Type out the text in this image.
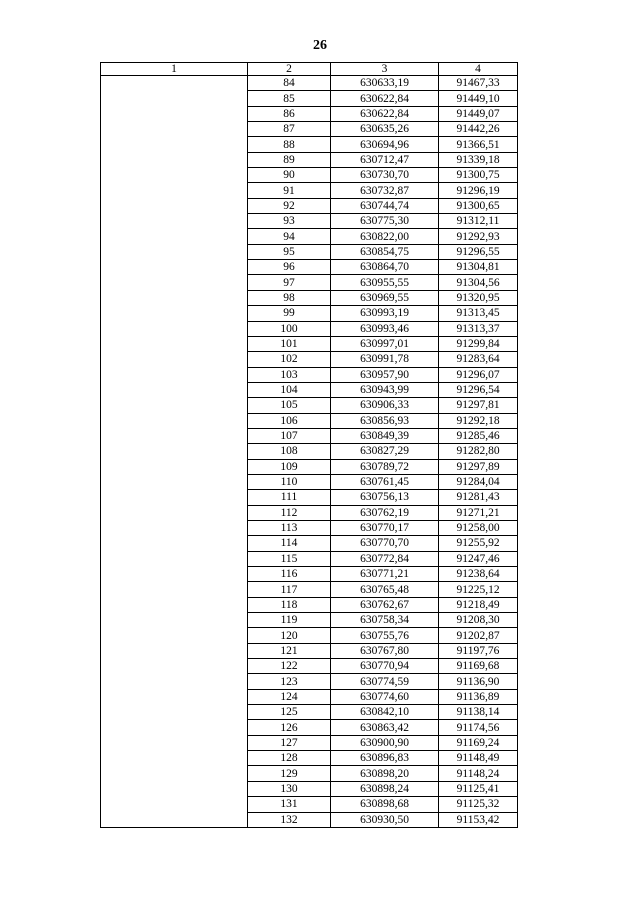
26
1	2	3	4
	84	630633,19	91467,33
	85	630622,84	91449,10
	86	630622,84	91449,07
	87	630635,26	91442,26
	88	630694,96	91366,51
	89	630712,47	91339,18
	90	630730,70	91300,75
	91	630732,87	91296,19
	92	630744,74	91300,65
	93	630775,30	91312,11
	94	630822,00	91292,93
	95	630854,75	91296,55
	96	630864,70	91304,81
	97	630955,55	91304,56
	98	630969,55	91320,95
	99	630993,19	91313,45
	100	630993,46	91313,37
	101	630997,01	91299,84
	102	630991,78	91283,64
	103	630957,90	91296,07
	104	630943,99	91296,54
	105	630906,33	91297,81
	106	630856,93	91292,18
	107	630849,39	91285,46
	108	630827,29	91282,80
	109	630789,72	91297,89
	110	630761,45	91284,04
	111	630756,13	91281,43
	112	630762,19	91271,21
	113	630770,17	91258,00
	114	630770,70	91255,92
	115	630772,84	91247,46
	116	630771,21	91238,64
	117	630765,48	91225,12
	118	630762,67	91218,49
	119	630758,34	91208,30
	120	630755,76	91202,87
	121	630767,80	91197,76
	122	630770,94	91169,68
	123	630774,59	91136,90
	124	630774,60	91136,89
	125	630842,10	91138,14
	126	630863,42	91174,56
	127	630900,90	91169,24
	128	630896,83	91148,49
	129	630898,20	91148,24
	130	630898,24	91125,41
	131	630898,68	91125,32
	132	630930,50	91153,42
